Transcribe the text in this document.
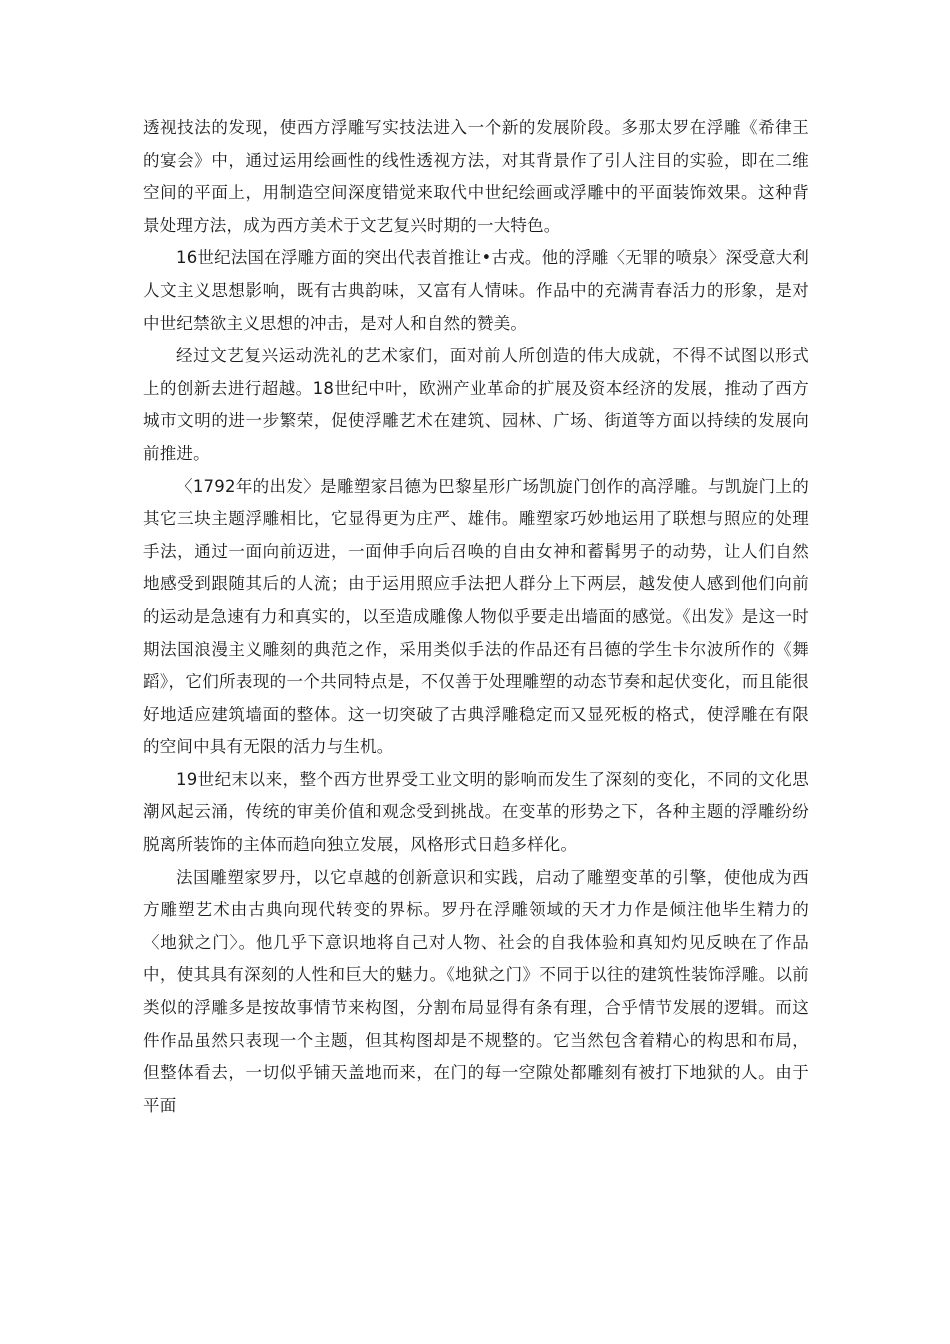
透视技法的发现，使西方浮雕写实技法进入一个新的发展阶段。多那太罗在浮雕《希律王的宴会》中，通过运用绘画性的线性透视方法，对其背景作了引人注目的实验，即在二维空间的平面上，用制造空间深度错觉来取代中世纪绘画或浮雕中的平面装饰效果。这种背景处理方法，成为西方美术于文艺复兴时期的一大特色。

16世纪法国在浮雕方面的突出代表首推让•古戎。他的浮雕〈无罪的喷泉〉深受意大利人文主义思想影响，既有古典韵味，又富有人情味。作品中的充满青春活力的形象，是对中世纪禁欲主义思想的冲击，是对人和自然的赞美。

经过文艺复兴运动洗礼的艺术家们，面对前人所创造的伟大成就，不得不试图以形式上的创新去进行超越。18世纪中叶，欧洲产业革命的扩展及资本经济的发展，推动了西方城市文明的进一步繁荣，促使浮雕艺术在建筑、园林、广场、街道等方面以持续的发展向前推进。

〈1792年的出发〉是雕塑家吕德为巴黎星形广场凯旋门创作的高浮雕。与凯旋门上的其它三块主题浮雕相比，它显得更为庄严、雄伟。雕塑家巧妙地运用了联想与照应的处理手法，通过一面向前迈进，一面伸手向后召唤的自由女神和蓄髯男子的动势，让人们自然地感受到跟随其后的人流；由于运用照应手法把人群分上下两层，越发使人感到他们向前的运动是急速有力和真实的，以至造成雕像人物似乎要走出墙面的感觉。《出发》是这一时期法国浪漫主义雕刻的典范之作，采用类似手法的作品还有吕德的学生卡尔波所作的《舞蹈》，它们所表现的一个共同特点是，不仅善于处理雕塑的动态节奏和起伏变化，而且能很好地适应建筑墙面的整体。这一切突破了古典浮雕稳定而又显死板的格式，使浮雕在有限的空间中具有无限的活力与生机。

19世纪末以来，整个西方世界受工业文明的影响而发生了深刻的变化，不同的文化思潮风起云涌，传统的审美价值和观念受到挑战。在变革的形势之下，各种主题的浮雕纷纷脱离所装饰的主体而趋向独立发展，风格形式日趋多样化。

法国雕塑家罗丹，以它卓越的创新意识和实践，启动了雕塑变革的引擎，使他成为西方雕塑艺术由古典向现代转变的界标。罗丹在浮雕领域的天才力作是倾注他毕生精力的〈地狱之门〉。他几乎下意识地将自己对人物、社会的自我体验和真知灼见反映在了作品中，使其具有深刻的人性和巨大的魅力。《地狱之门》不同于以往的建筑性装饰浮雕。以前类似的浮雕多是按故事情节来构图，分割布局显得有条有理，合乎情节发展的逻辑。而这件作品虽然只表现一个主题，但其构图却是不规整的。它当然包含着精心的构思和布局，但整体看去，一切似乎铺天盖地而来，在门的每一空隙处都雕刻有被打下地狱的人。由于平面
